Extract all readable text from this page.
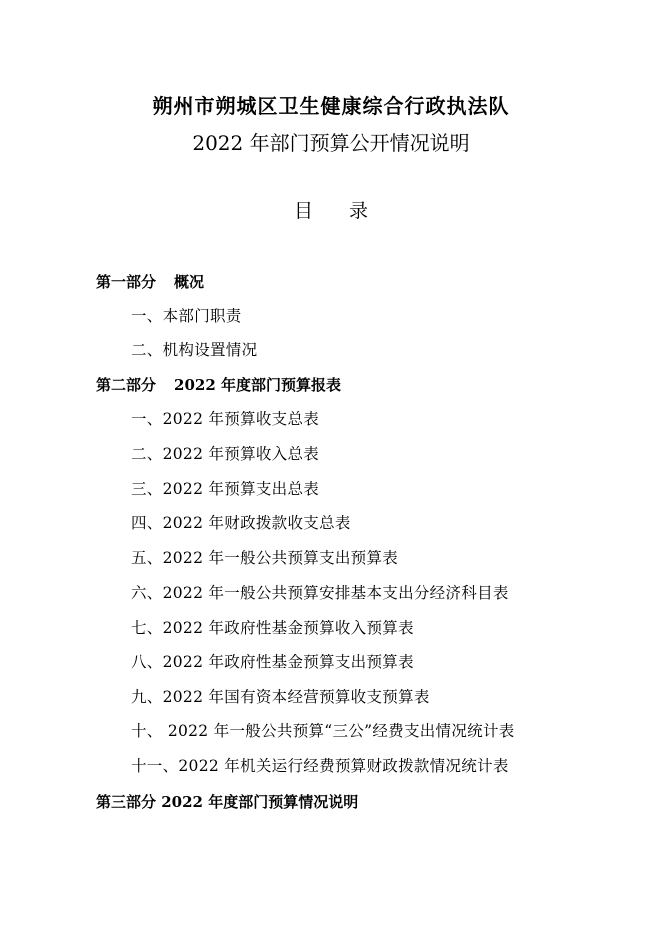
朔州市朔城区卫生健康综合行政执法队
2022 年部门预算公开情况说明
目录
第一部分 概况
一、本部门职责
二、机构设置情况
第二部分 2022 年度部门预算报表
一、2022 年预算收支总表
二、2022 年预算收入总表
三、2022 年预算支出总表
四、2022 年财政拨款收支总表
五、2022 年一般公共预算支出预算表
六、2022 年一般公共预算安排基本支出分经济科目表
七、2022 年政府性基金预算收入预算表
八、2022 年政府性基金预算支出预算表
九、2022 年国有资本经营预算收支预算表
十、 2022 年一般公共预算“三公”经费支出情况统计表
十一、2022 年机关运行经费预算财政拨款情况统计表
第三部分 2022 年度部门预算情况说明
